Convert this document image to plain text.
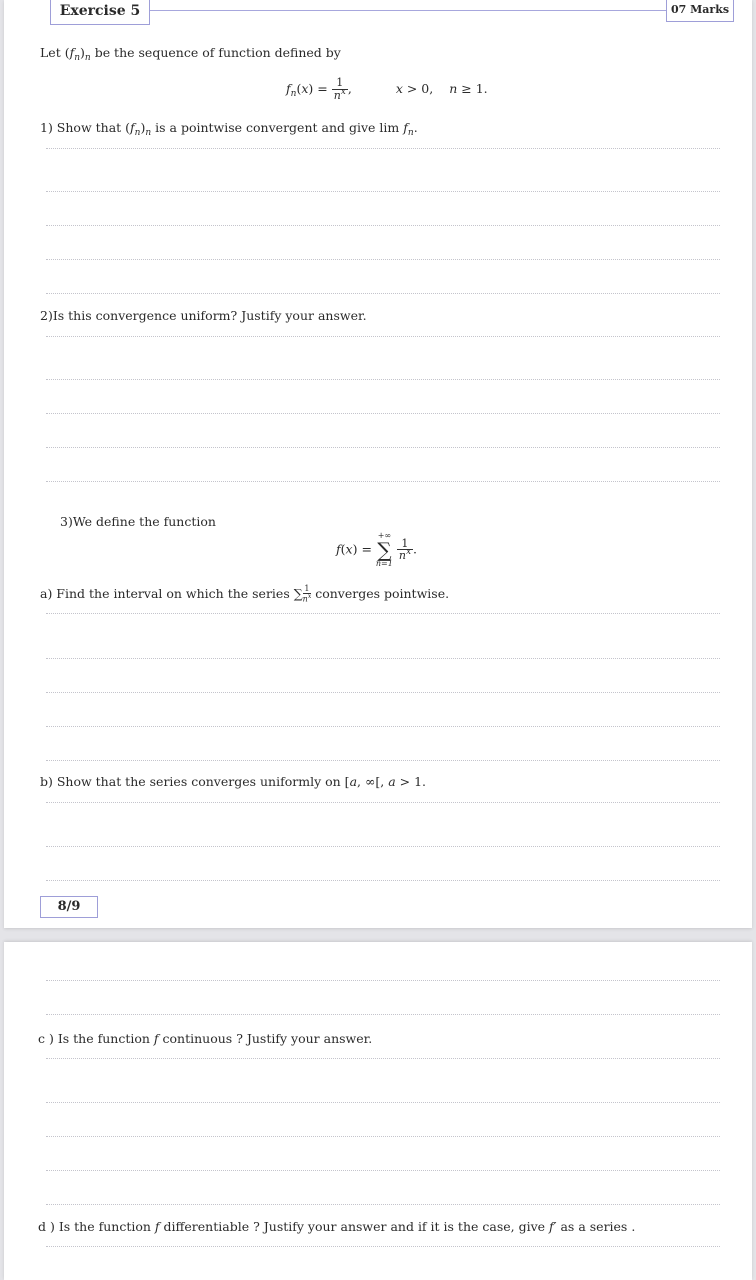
Exercise 5	07 Marks
Let $(f_n)_n$ be the sequence of function defined by
$f_n(x) = \frac{1}{n^x}$ ,	x > 0, n ≥ 1.
1) Show that $(f_n)_n$ is a pointwise convergent and give $\lim f_n$.
2)Is this convergence uniform? Justify your answer.
3)We define the function
f(x) =
+∞
∑
n=1

$\frac{1}{n^x}$ .
a) Find the interval on which the series ∑ $\frac{1}{n^x}$ converges pointwise.
b) Show that the series converges uniformly on [a, ∞[, a > 1.
8/9
c ) Is the function f continuous ? Justify your answer.
d ) Is the function f differentiable ? Justify your answer and if it is the case, give f′ as a series .
